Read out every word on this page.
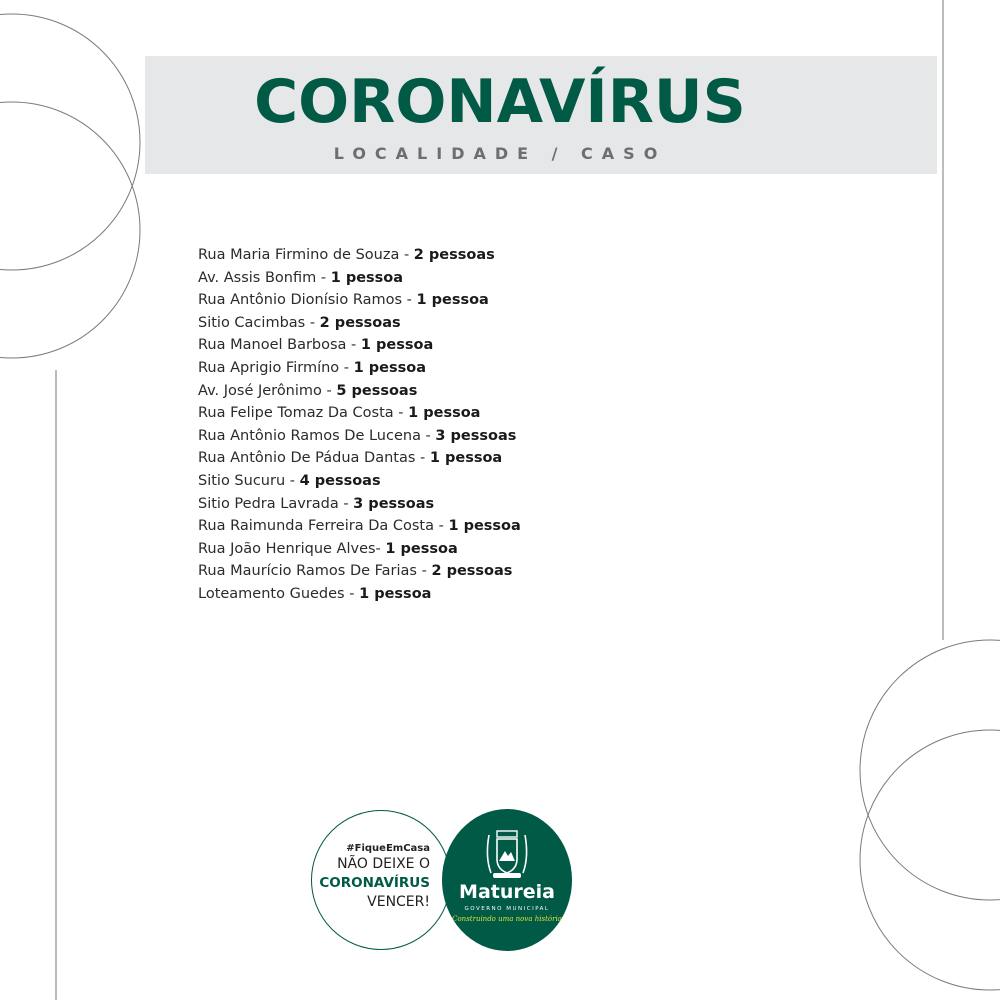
CORONAVÍRUS
LOCALIDADE / CASO
Rua Maria Firmino de Souza - 2 pessoas
Av. Assis Bonfim - 1 pessoa
Rua Antônio Dionísio Ramos - 1 pessoa
Sitio Cacimbas - 2 pessoas
Rua Manoel Barbosa - 1 pessoa
Rua Aprigio Firmíno - 1 pessoa
Av. José Jerônimo - 5 pessoas
Rua Felipe Tomaz Da Costa - 1 pessoa
Rua Antônio Ramos De Lucena - 3 pessoas
Rua Antônio De Pádua Dantas - 1 pessoa
Sitio Sucuru - 4 pessoas
Sitio Pedra Lavrada - 3 pessoas
Rua Raimunda Ferreira Da Costa - 1 pessoa
Rua João Henrique Alves- 1 pessoa
Rua Maurício Ramos De Farias - 2 pessoas
Loteamento Guedes - 1 pessoa
#FiqueEmCasa
NÃO DEIXE O
CORONAVÍRUS
VENCER!	Matureia
GOVERNO MUNICIPAL
Construindo uma nova história
